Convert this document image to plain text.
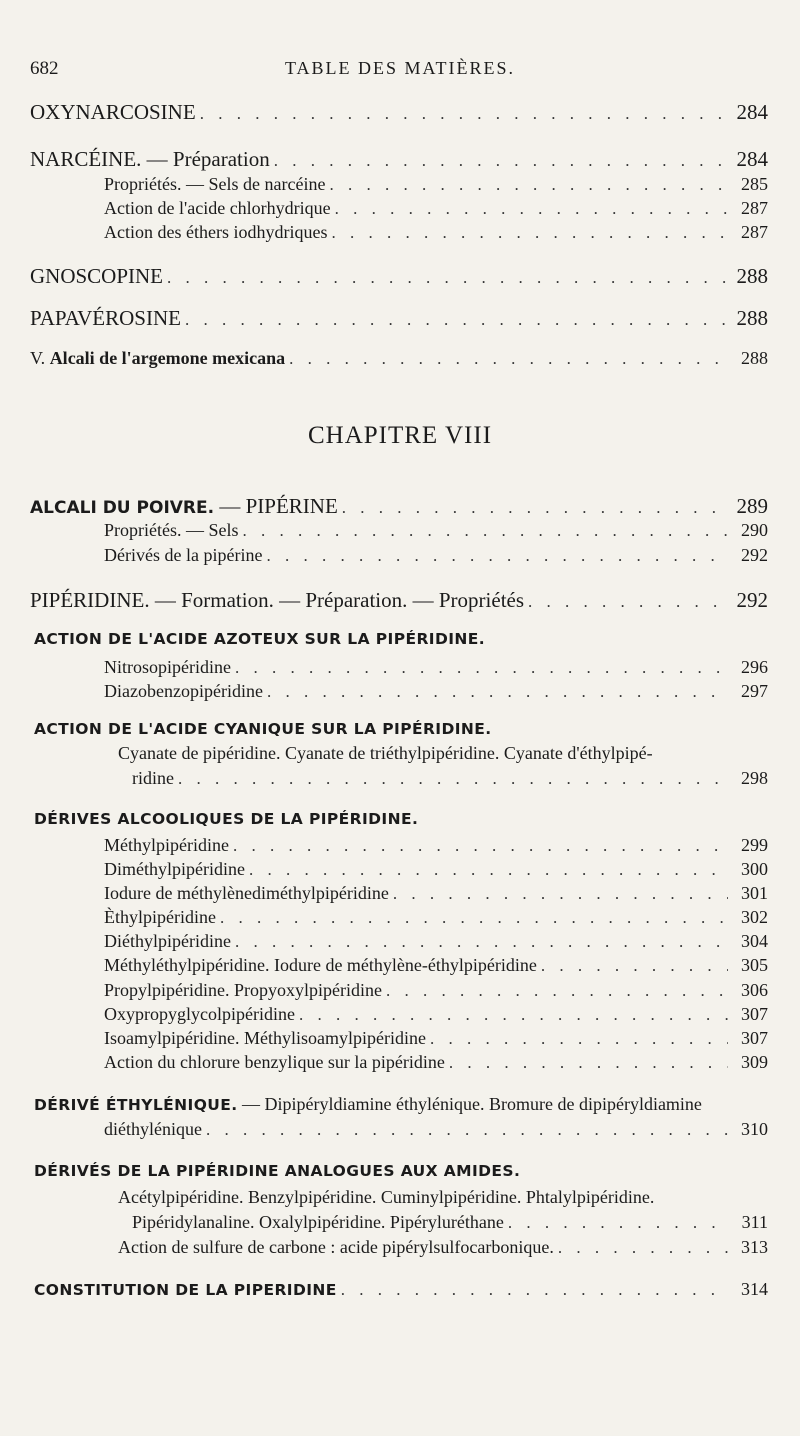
682	TABLE DES MATIÈRES.
OXYNARCOSINE . . .	284
NARCÉINE. — Préparation . . .	284
Propriétés. — Sels de narcéine . . .	285
Action de l'acide chlorhydrique . . .	287
Action des éthers iodhydriques . . .	287
GNOSCOPINE . . .	288
PAPAVÉROSINE . . .	288
V. Alcali de l'argemone mexicana . . .	288
CHAPITRE VIII
ALCALI DU POIVRE. — PIPÉRINE . . .	289
Propriétés. — Sels . . .	290
Dérivés de la pipérine . . .	292
PIPÉRIDINE. — Formation. — Préparation. — Propriétés . . .	292
ACTION DE L'ACIDE AZOTEUX SUR LA PIPÉRIDINE.
Nitrosopipéridine . . .	296
Diazobenzopipéridine . . .	297
ACTION DE L'ACIDE CYANIQUE SUR LA PIPÉRIDINE.
Cyanate de pipéridine. Cyanate de triéthylpipéridine. Cyanate d'éthylpipé-
ridine . . .	298
DÉRIVES ALCOOLIQUES DE LA PIPÉRIDINE.
Méthylpipéridine . . .	299
Diméthylpipéridine . . .	300
Iodure de méthylènediméthylpipéridine . . .	301
Èthylpipéridine . . .	302
Diéthylpipéridine . . .	304
Méthyléthylpipéridine. Iodure de méthylène-éthylpipéridine . . .	305
Propylpipéridine. Propyoxylpipéridine . . .	306
Oxypropyglycolpipéridine . . .	307
Isoamylpipéridine. Méthylisoamylpipéridine . . .	307
Action du chlorure benzylique sur la pipéridine . . .	309
DÉRIVÉ ÉTHYLÉNIQUE. — Dipipéryldiamine éthylénique. Bromure de dipipéryldiamine
diéthylénique . . .	310
DÉRIVÉS DE LA PIPÉRIDINE ANALOGUES AUX AMIDES.
Acétylpipéridine. Benzylpipéridine. Cuminylpipéridine. Phtalylpipéridine.
Pipéridylanaline. Oxalylpipéridine. Pipéryluréthane . . .	311
Action de sulfure de carbone : acide pipérylsulfocarbonique. . . .	313
CONSTITUTION DE LA PIPERIDINE . . .	314
